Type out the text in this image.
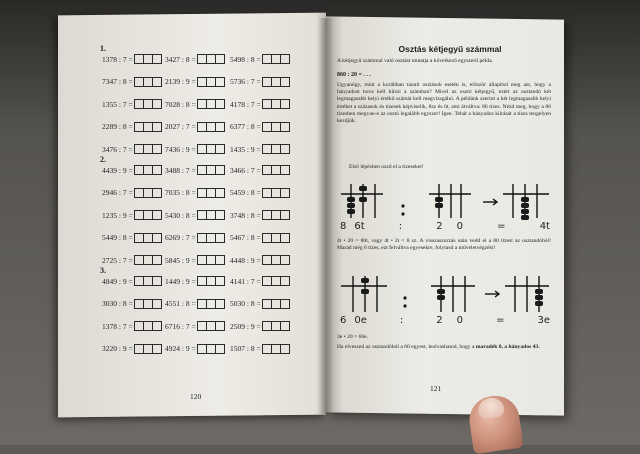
1.
1378 : 7 =	3427 : 8 =	5498 : 8 =
7347 : 8 =	2139 : 9 =	5736 : 7 =
1355 : 7 =	7028 : 8 =	4178 : 7 =
2289 : 8 =	2027 : 7 =	6377 : 8 =
3476 : 7 =	7436 : 9 =	1435 : 9 =
2.
4439 : 9 =	3488 : 7 =	3466 : 7 =
2946 : 7 =	7035 : 8 =	5459 : 8 =
1235 : 9 =	5430 : 8 =	3748 : 8 =
5449 : 8 =	6269 : 7 =	5467 : 8 =
2725 : 7 =	5845 : 9 =	4448 : 9 =
3.
4849 : 9 =	1449 : 9 =	4141 : 7 =
3030 : 8 =	4551 : 8 =	5030 : 8 =
1378 : 7 =	6716 : 7 =	2509 : 9 =
3220 : 9 =	4924 : 9 =	1507 : 8 =
120
Osztás kétjegyű számmal
A kétjegyű számmal való osztást mutatja a következő egyszerű példa.
860 : 20 = . . .
Ugyanúgy, mint a korábban tanult osztások esetén is, először állapítsd meg azt, hogy a hányadost hova kell kiírni a számban? Mivel az osztó kétjegyű, ezért az osztandó két legmagasabb helyi értékű számát kell megvizsgálni. A példánk szerint a két legmagasabb helyi értéket a százasok és tízesek képviselik, 8sz és 6t, ami átváltva: 86 tízes. Nézd meg, hogy a 86 tízesben megvan-e az osztó legalább egyszer! Igen. Tehát a hányados kiírását a tízes tengelyen kezdjük.
Első lépésben oszd el a tízeseket!
8 6t	:	2 0	=	4t
4t • 20 = 80t, vagy 4t • 2t = 8 sz. A visszaszorzás után vedd el a 80 tízest az osztandóból! Marad még 6 tízes, ezt felváltva egyesekre, folytasd a műveletvégzést!
6 0e	:	2 0	=	3e
3e • 20 = 60e.
Ha elveszed az osztandóból a 60 egyest, leolvashatod, hogy a maradék 0, a hányados 43.
121
